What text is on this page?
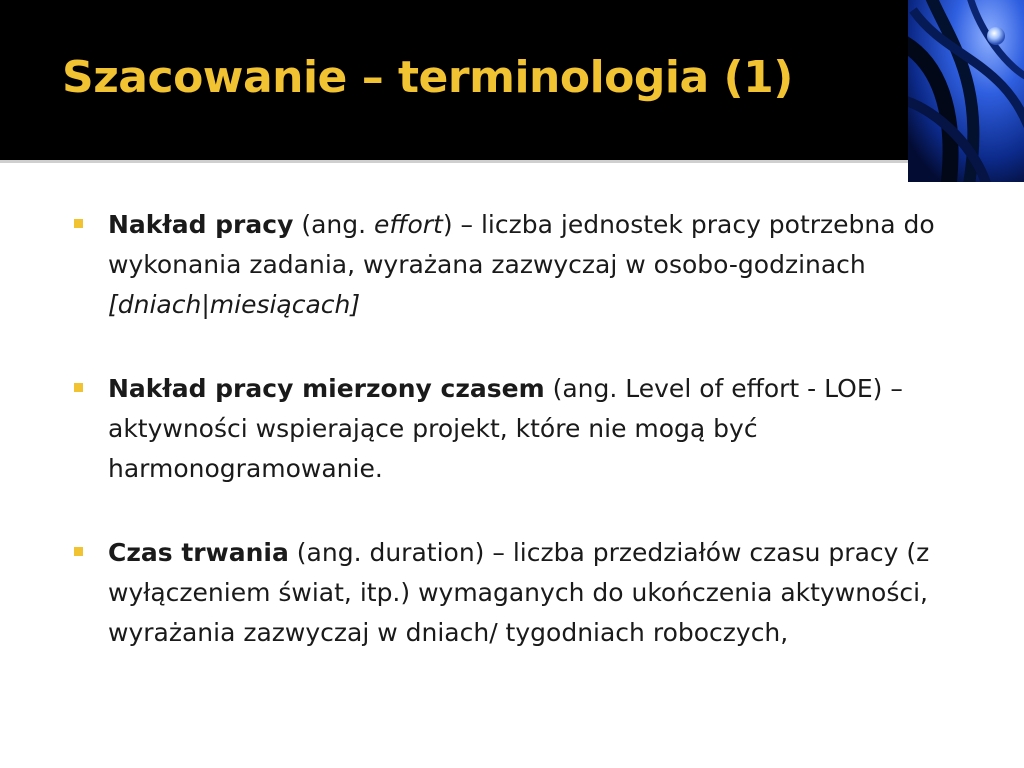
Szacowanie – terminologia (1)
Nakład pracy (ang. effort) – liczba jednostek pracy potrzebna do wykonania zadania, wyrażana zazwyczaj w osobo-godzinach [dniach|miesiącach]
Nakład pracy mierzony czasem (ang. Level of effort - LOE) – aktywności wspierające projekt, które nie mogą być harmonogramowanie.
Czas trwania (ang. duration) – liczba przedziałów czasu pracy (z wyłączeniem świat, itp.) wymaganych do ukończenia aktywności, wyrażania zazwyczaj w dniach/ tygodniach roboczych,
